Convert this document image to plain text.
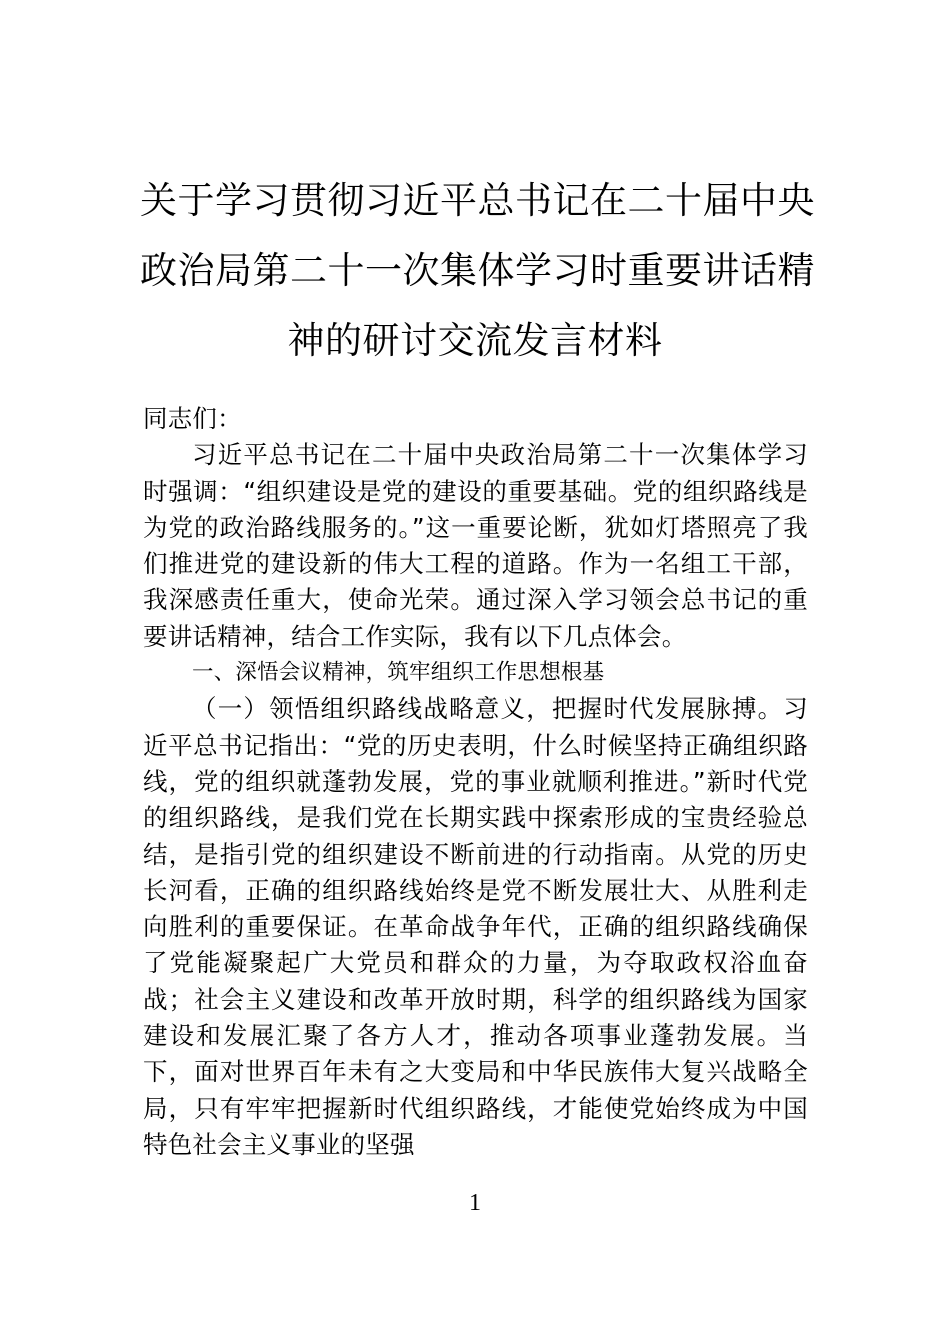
关于学习贯彻习近平总书记在二十届中央
政治局第二十一次集体学习时重要讲话精
神的研讨交流发言材料

同志们：

习近平总书记在二十届中央政治局第二十一次集体学习时强调：“组织建设是党的建设的重要基础。党的组织路线是为党的政治路线服务的。”这一重要论断，犹如灯塔照亮了我们推进党的建设新的伟大工程的道路。作为一名组工干部，我深感责任重大，使命光荣。通过深入学习领会总书记的重要讲话精神，结合工作实际，我有以下几点体会。

一、深悟会议精神，筑牢组织工作思想根基

（一）领悟组织路线战略意义，把握时代发展脉搏。习近平总书记指出：“党的历史表明，什么时候坚持正确组织路线，党的组织就蓬勃发展，党的事业就顺利推进。”新时代党的组织路线，是我们党在长期实践中探索形成的宝贵经验总结，是指引党的组织建设不断前进的行动指南。从党的历史长河看，正确的组织路线始终是党不断发展壮大、从胜利走向胜利的重要保证。在革命战争年代，正确的组织路线确保了党能凝聚起广大党员和群众的力量，为夺取政权浴血奋战；社会主义建设和改革开放时期，科学的组织路线为国家建设和发展汇聚了各方人才，推动各项事业蓬勃发展。当下，面对世界百年未有之大变局和中华民族伟大复兴战略全局，只有牢牢把握新时代组织路线，才能使党始终成为中国特色社会主义事业的坚强

1
